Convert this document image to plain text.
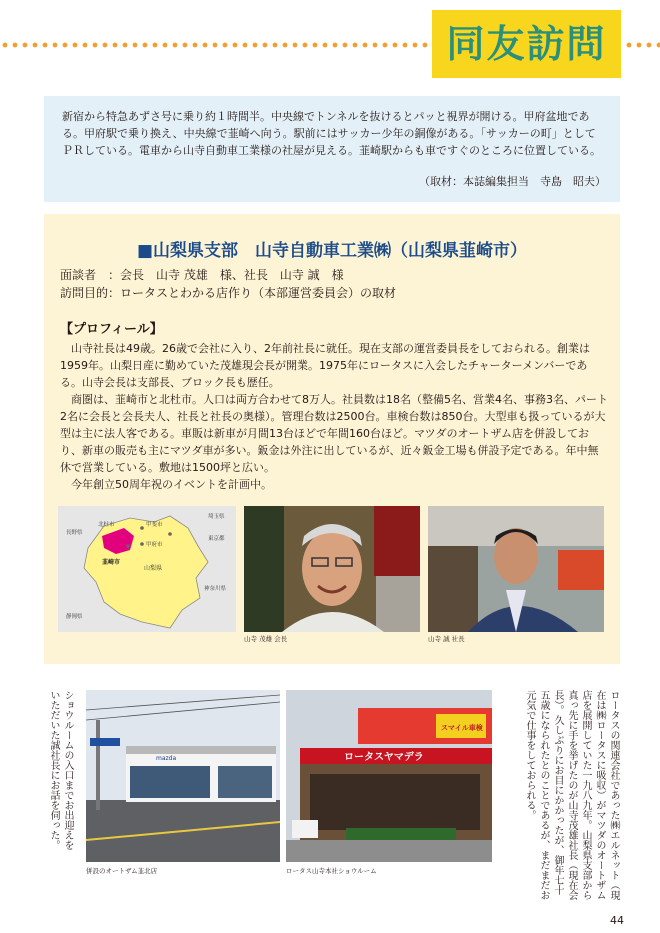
同友訪問

新宿から特急あずさ号に乗り約１時間半。中央線でトンネルを抜けるとパッと視界が開ける。甲府盆地である。甲府駅で乗り換え、中央線で韮崎へ向う。駅前にはサッカー少年の銅像がある。「サッカーの町」としてＰＲしている。電車から山寺自動車工業様の社屋が見える。韮崎駅からも車ですぐのところに位置している。

（取材：本誌編集担当　寺島　昭夫）
■山梨県支部　山寺自動車工業㈱（山梨県韮崎市）
面談者　：会長　山寺 茂雄　様、社長　山寺 誠　様
訪問目的：ロータスとわかる店作り（本部運営委員会）の取材
【プロフィール】

山寺社長は49歳。26歳で会社に入り、2年前社長に就任。現在支部の運営委員長をしておられる。創業は1959年。山梨日産に勤めていた茂雄現会長が開業。1975年にロータスに入会したチャーターメンバーである。山寺会長は支部長、ブロック長も歴任。

商圏は、韮崎市と北杜市。人口は両方合わせて8万人。社員数は18名（整備5名、営業4名、事務3名、パート2名に会長と会長夫人、社長と社長の奥様）。管理台数は2500台。車検台数は850台。大型車も扱っているが大型は主に法人客である。車販は新車が月間13台ほどで年間160台ほど。マツダのオートザム店を併設しており、新車の販売も主にマツダ車が多い。鈑金は外注に出しているが、近々鈑金工場も併設予定である。年中無休で営業している。敷地は1500坪と広い。

今年創立50周年祝のイベントを計画中。

埼玉県
長野県
北杜市	甲斐市
甲府市
韮崎市
東京都
山梨県
神奈川県
静岡県
山寺 茂雄 会長	山寺 誠 社長

ショウルームの入口までお出迎えをいただいた誠社長にお話を伺った。	mazda
併設のオートザム韮北店
スマイル車検
ロータスヤマデラ
ロータス山寺本社ショウルーム	ロータスの関連会社であった㈱エルネット（現在は㈱ロータスに吸収）がマツダのオートザム店を展開していた一九八九年。山梨県支部から真っ先に手を挙げたのが山寺茂雄社長（現在会長）。久しぶりにお目にかかったが、御年七十五歳になられたとのことであるが、まだまだお元気で仕事をしておられる。

44
